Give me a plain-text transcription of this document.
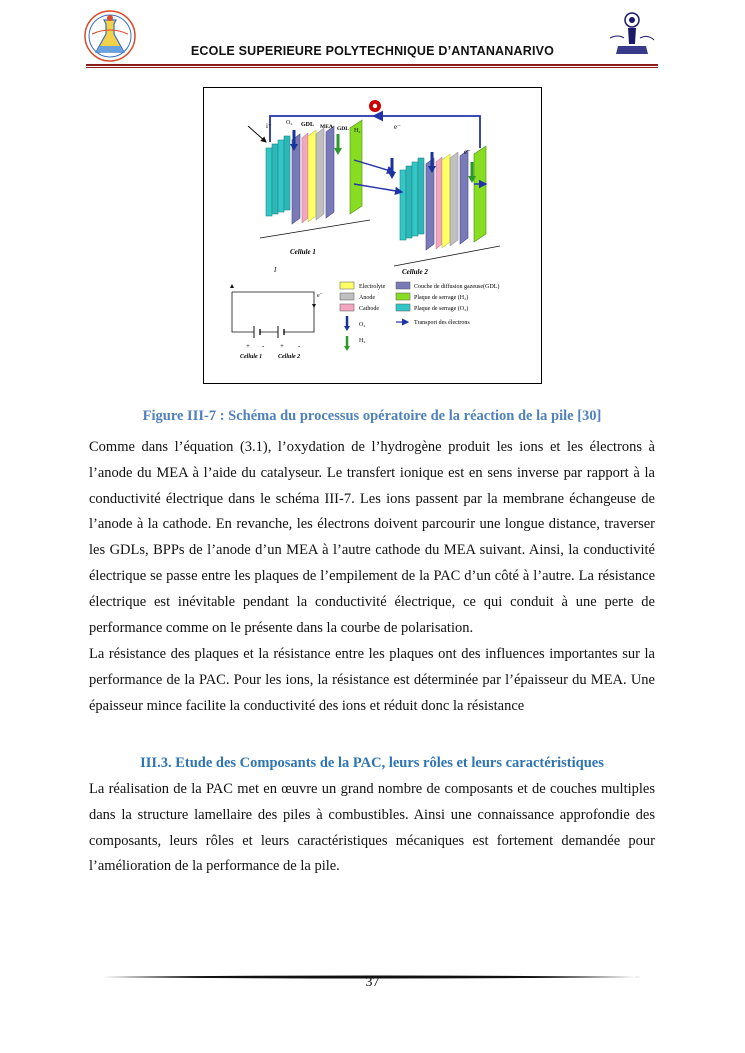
ECOLE SUPERIEURE POLYTECHNIQUE D’ANTANANARIVO
i⁻ O₂ GDL MEA GDL H₂	e⁻
e⁻
Cellule 1
Cellule 2
I
e⁻
+ - + -
Cellule 1	Cellule 2
Electrolyte
Anode
Cathode
O₂
H₂
Couche de diffusion gazeuse(GDL)
Plaque de serrage (H₂)
Plaque de serrage (O₂)
Transport des électrons
Figure III-7 : Schéma du processus opératoire de la réaction de la pile [30]
Comme dans l’équation (3.1), l’oxydation de l’hydrogène produit les ions et les électrons à l’anode du MEA à l’aide du catalyseur. Le transfert ionique est en sens inverse par rapport à la conductivité électrique dans le schéma III-7. Les ions passent par la membrane échangeuse de l’anode à la cathode. En revanche, les électrons doivent parcourir une longue distance, traverser les GDLs, BPPs de l’anode d’un MEA à l’autre cathode du MEA suivant. Ainsi, la conductivité électrique se passe entre les plaques de l’empilement de la PAC d’un côté à l’autre. La résistance électrique est inévitable pendant la conductivité électrique, ce qui conduit à une perte de performance comme on le présente dans la courbe de polarisation.
La résistance des plaques et la résistance entre les plaques ont des influences importantes sur la performance de la PAC. Pour les ions, la résistance est déterminée par l’épaisseur du MEA. Une épaisseur mince facilite la conductivité des ions et réduit donc la résistance
III.3. Etude des Composants de la PAC, leurs rôles et leurs caractéristiques
La réalisation de la PAC met en œuvre un grand nombre de composants et de couches multiples dans la structure lamellaire des piles à combustibles. Ainsi une connaissance approfondie des composants, leurs rôles et leurs caractéristiques mécaniques est fortement demandée pour l’amélioration de la performance de la pile.
37
